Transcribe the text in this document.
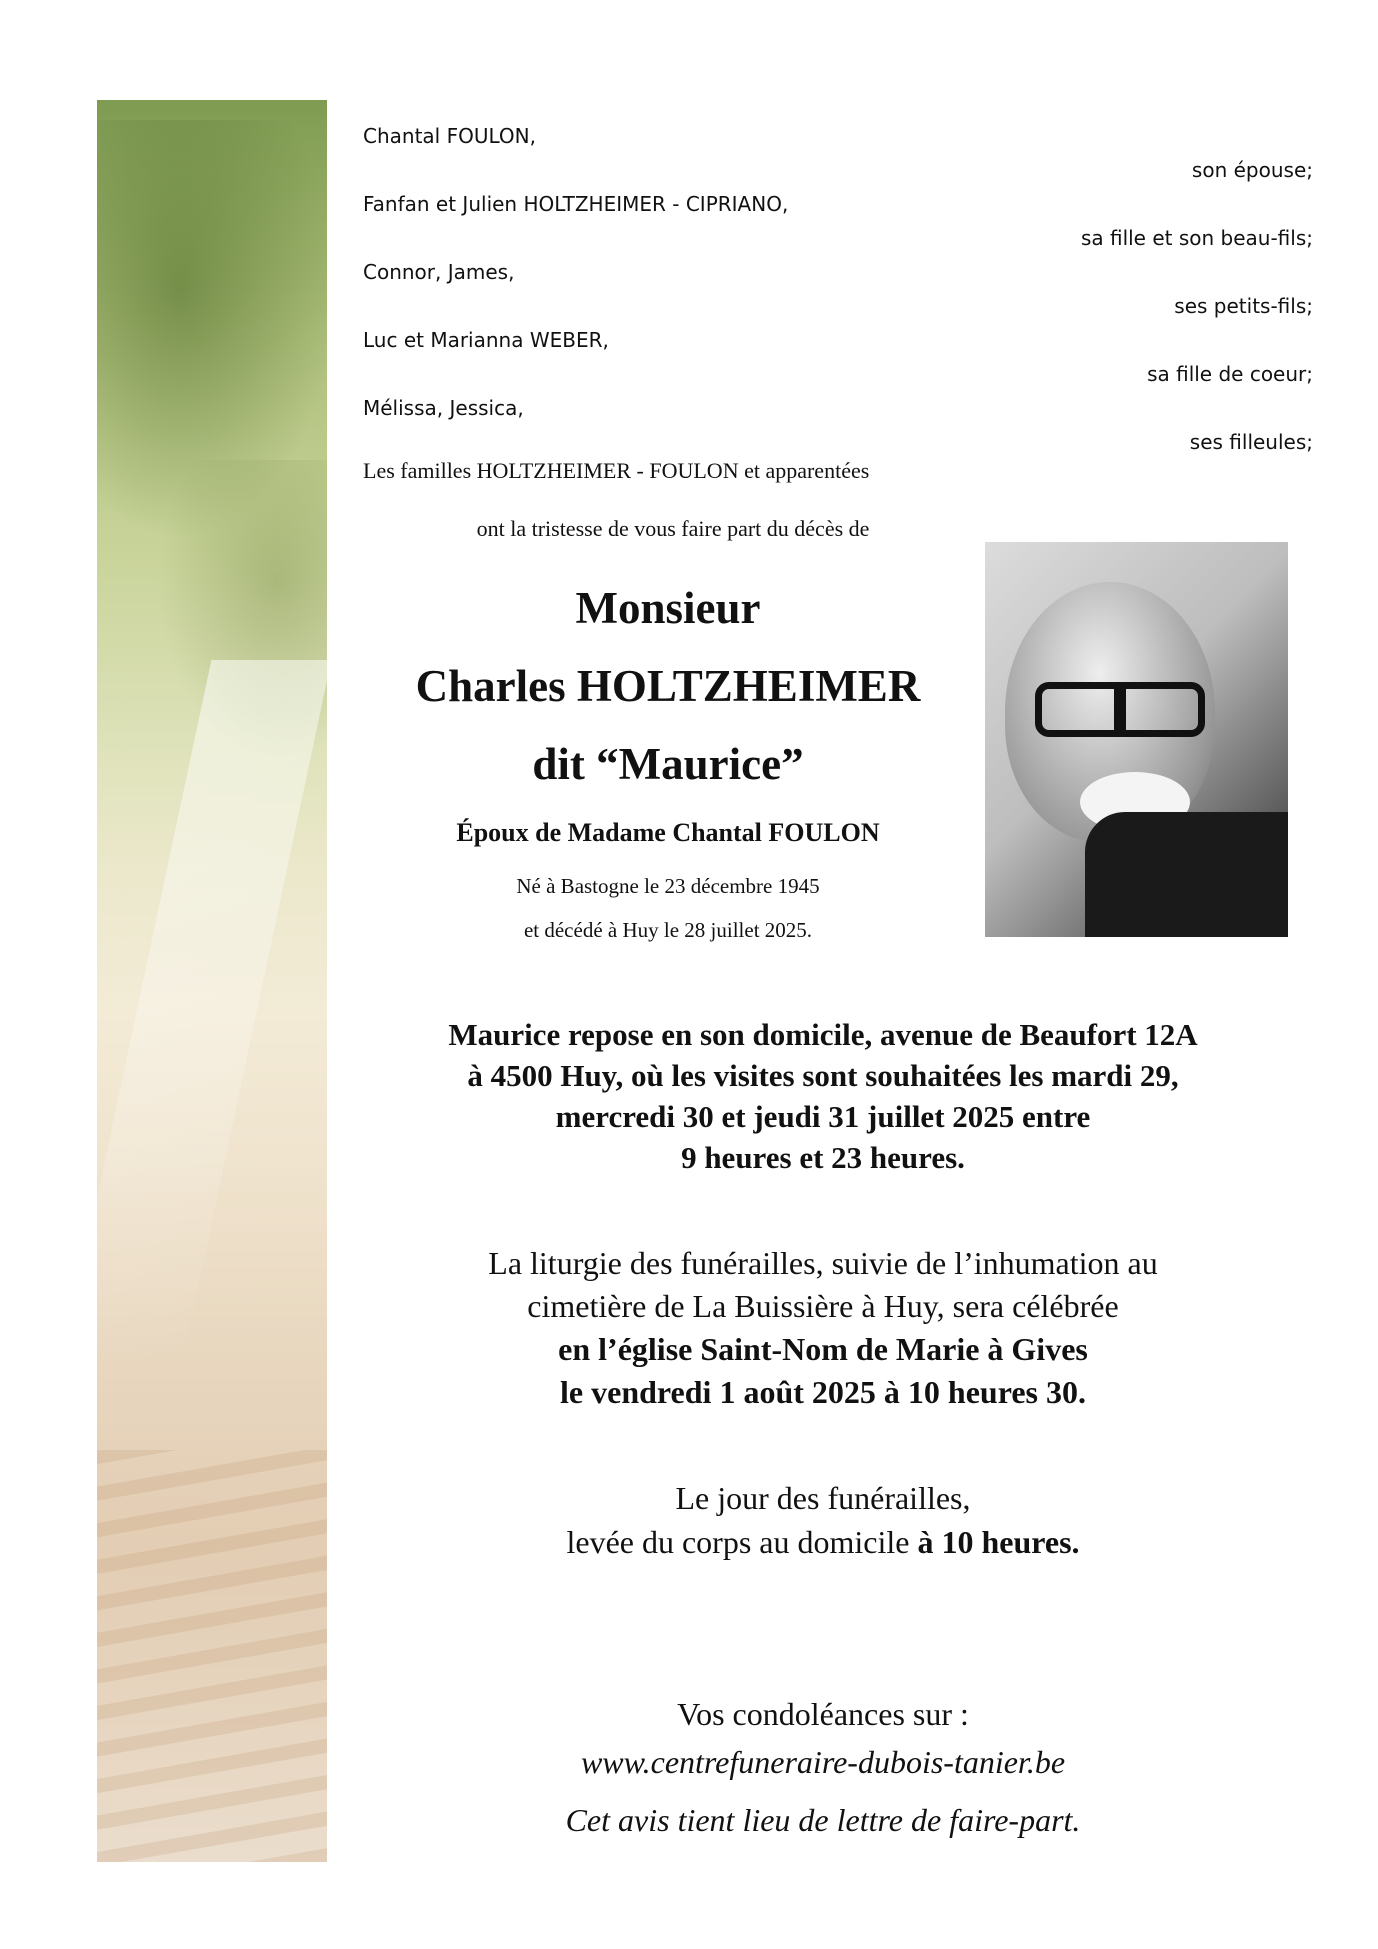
Chantal FOULON,

son épouse;

Fanfan et Julien HOLTZHEIMER - CIPRIANO,

sa fille et son beau-fils;

Connor, James,

ses petits-fils;

Luc et Marianna WEBER,

sa fille de coeur;

Mélissa, Jessica,

ses filleules;

Les familles HOLTZHEIMER - FOULON et apparentées

ont la tristesse de vous faire part du décès de

Monsieur

Charles HOLTZHEIMER

dit “Maurice”

Époux de Madame Chantal FOULON

Né à Bastogne le 23 décembre 1945

et décédé à Huy le 28 juillet 2025.

Maurice repose en son domicile, avenue de Beaufort 12A
à 4500 Huy, où les visites sont souhaitées les mardi 29,
mercredi 30 et jeudi 31 juillet 2025 entre
9 heures et 23 heures.
La liturgie des funérailles, suivie de l’inhumation au
cimetière de La Buissière à Huy, sera célébrée
en l’église Saint-Nom de Marie à Gives
le vendredi 1 août 2025 à 10 heures 30.
Le jour des funérailles,
levée du corps au domicile à 10 heures.
Vos condoléances sur :
www.centrefuneraire-dubois-tanier.be

Cet avis tient lieu de lettre de faire-part.
